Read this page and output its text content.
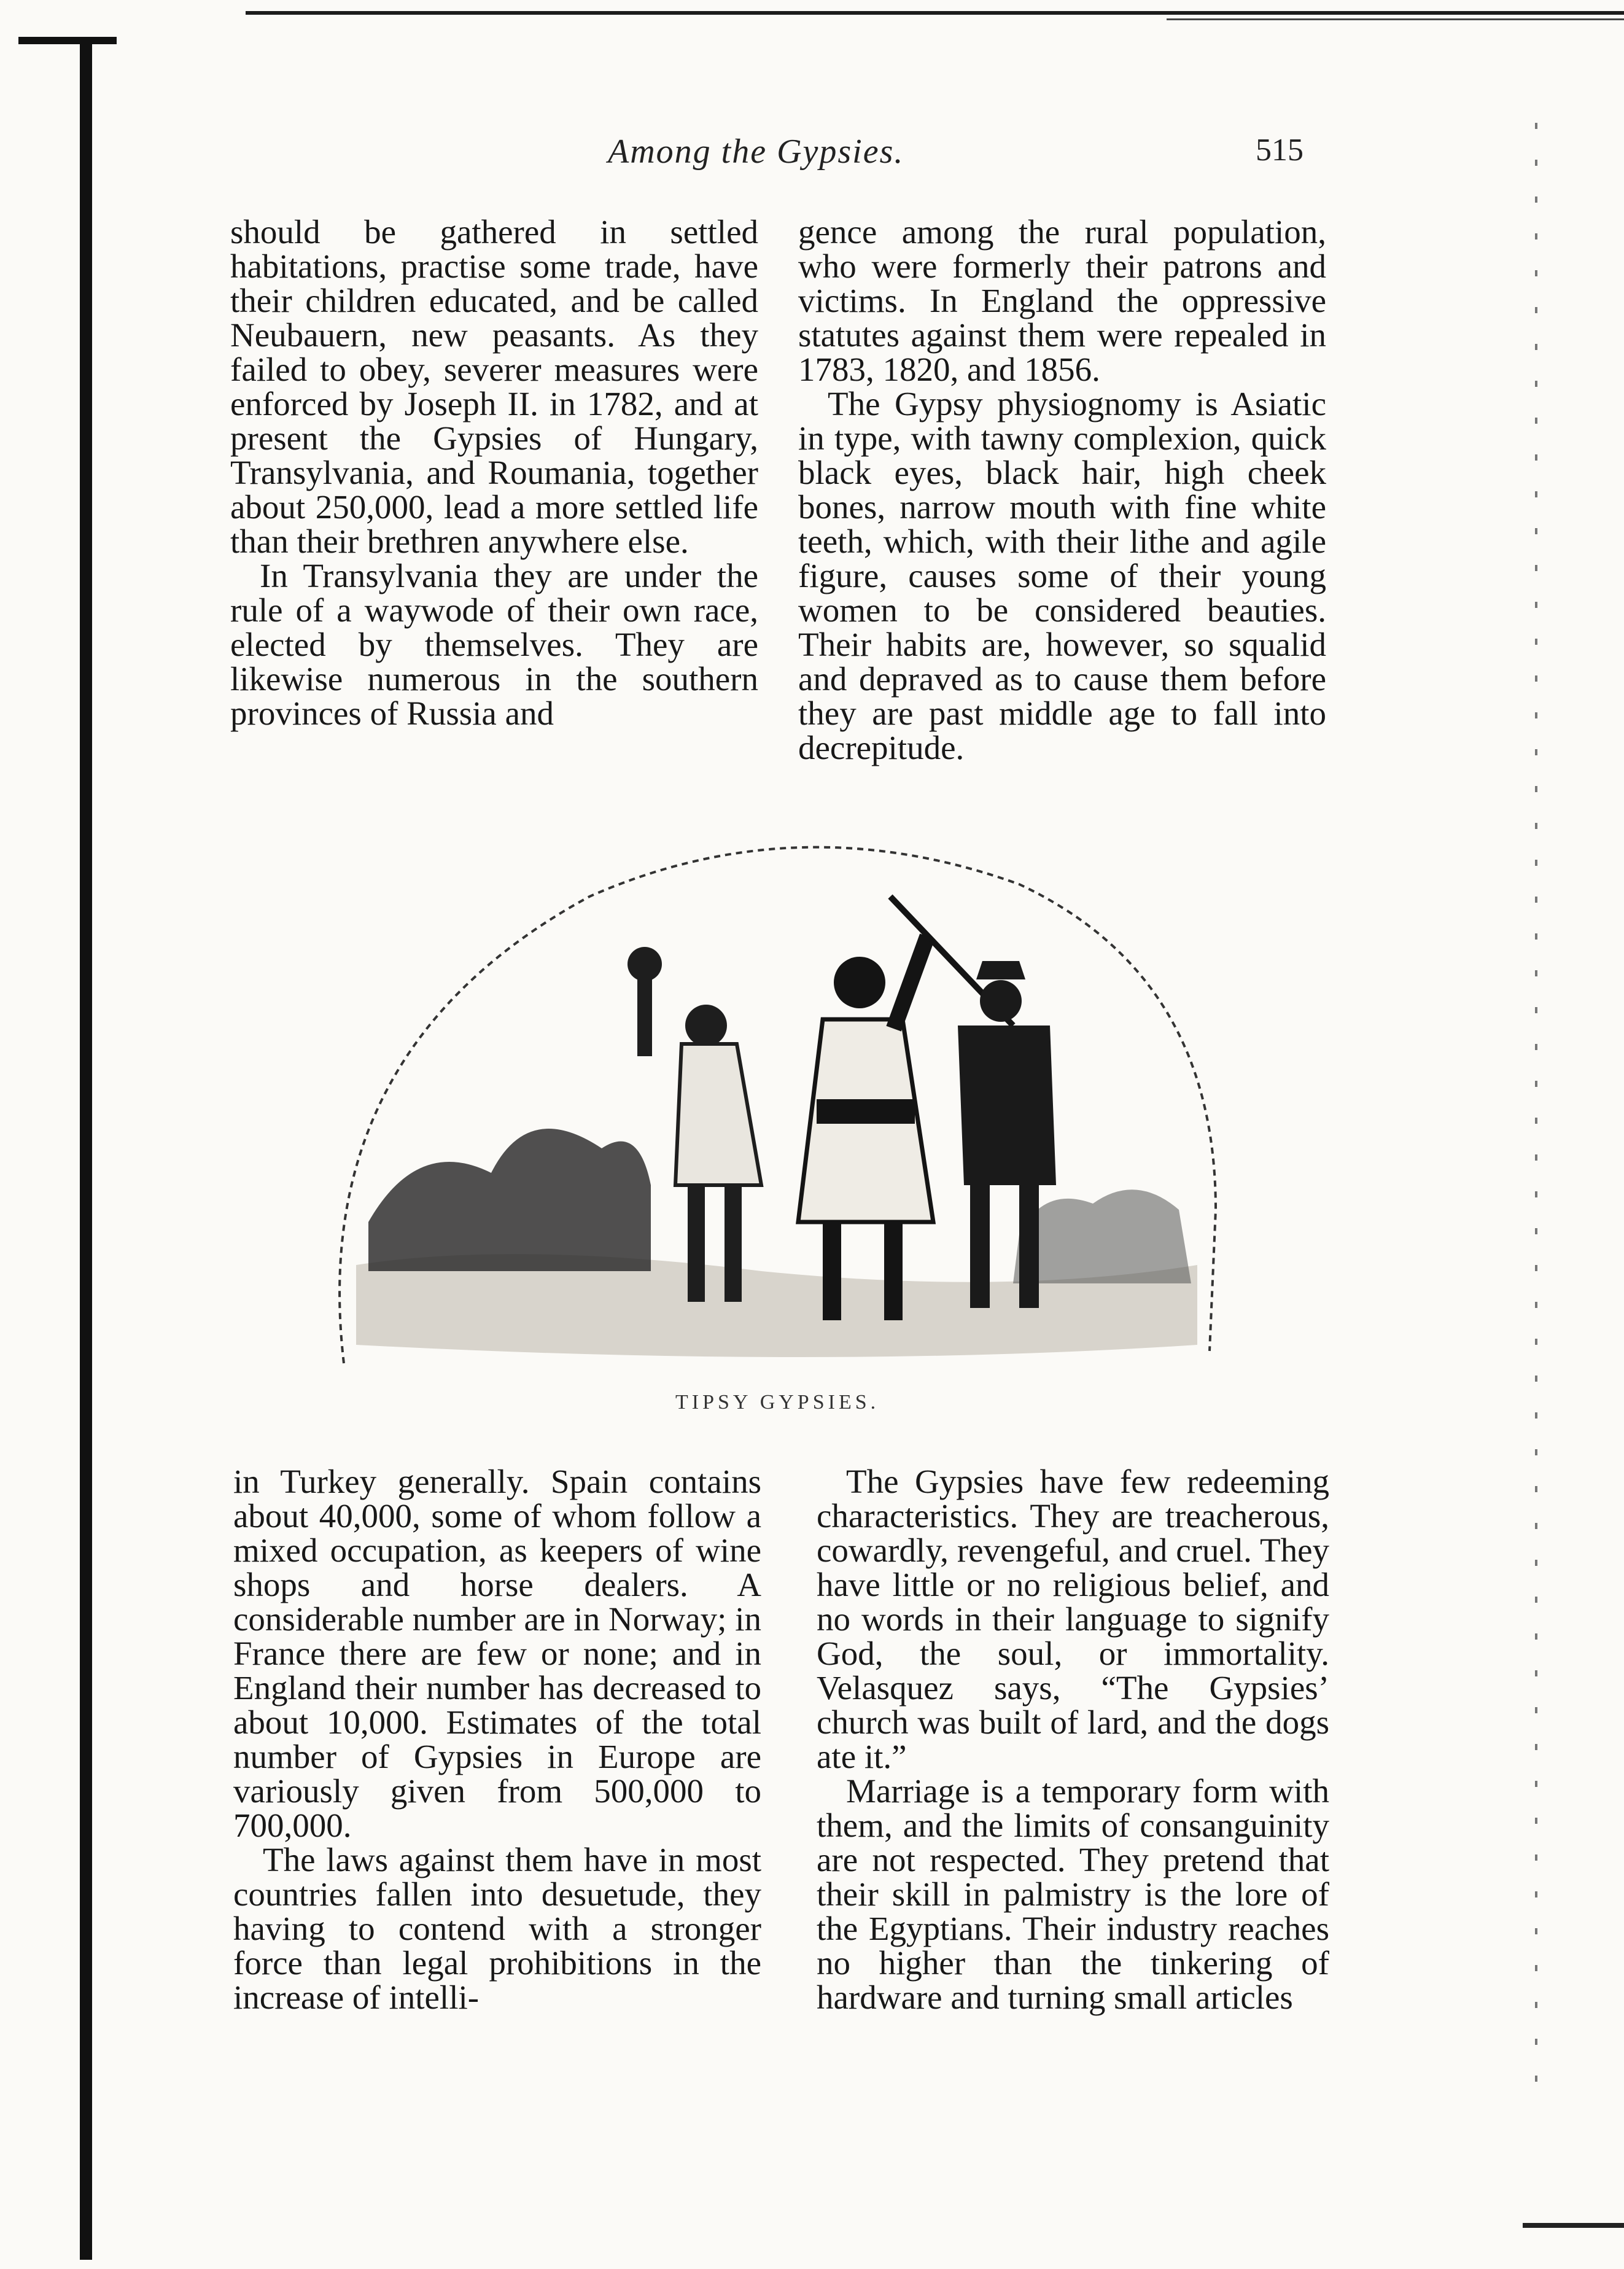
Among the Gypsies.	515

should be gathered in settled habitations, practise some trade, have their children educated, and be called Neubauern, new peasants. As they failed to obey, severer measures were enforced by Joseph II. in 1782, and at present the Gypsies of Hungary, Transylvania, and Roumania, together about 250,000, lead a more settled life than their brethren anywhere else.

In Transylvania they are under the rule of a waywode of their own race, elected by themselves. They are likewise numerous in the southern provinces of Russia and

gence among the rural population, who were formerly their patrons and victims. In England the oppressive statutes against them were repealed in 1783, 1820, and 1856.

The Gypsy physiognomy is Asiatic in type, with tawny complexion, quick black eyes, black hair, high cheek bones, narrow mouth with fine white teeth, which, with their lithe and agile figure, causes some of their young women to be considered beauties. Their habits are, however, so squalid and depraved as to cause them before they are past middle age to fall into decrepitude.

TIPSY GYPSIES.

in Turkey generally. Spain contains about 40,000, some of whom follow a mixed occupation, as keepers of wine shops and horse dealers. A considerable number are in Norway; in France there are few or none; and in England their number has decreased to about 10,000. Estimates of the total number of Gypsies in Europe are variously given from 500,000 to 700,000.

The laws against them have in most countries fallen into desuetude, they having to contend with a stronger force than legal prohibitions in the increase of intelli-

The Gypsies have few redeeming characteristics. They are treacherous, cowardly, revengeful, and cruel. They have little or no religious belief, and no words in their language to signify God, the soul, or immortality. Velasquez says, “The Gypsies’ church was built of lard, and the dogs ate it.”

Marriage is a temporary form with them, and the limits of consanguinity are not respected. They pretend that their skill in palmistry is the lore of the Egyptians. Their industry reaches no higher than the tinkering of hardware and turning small articles
